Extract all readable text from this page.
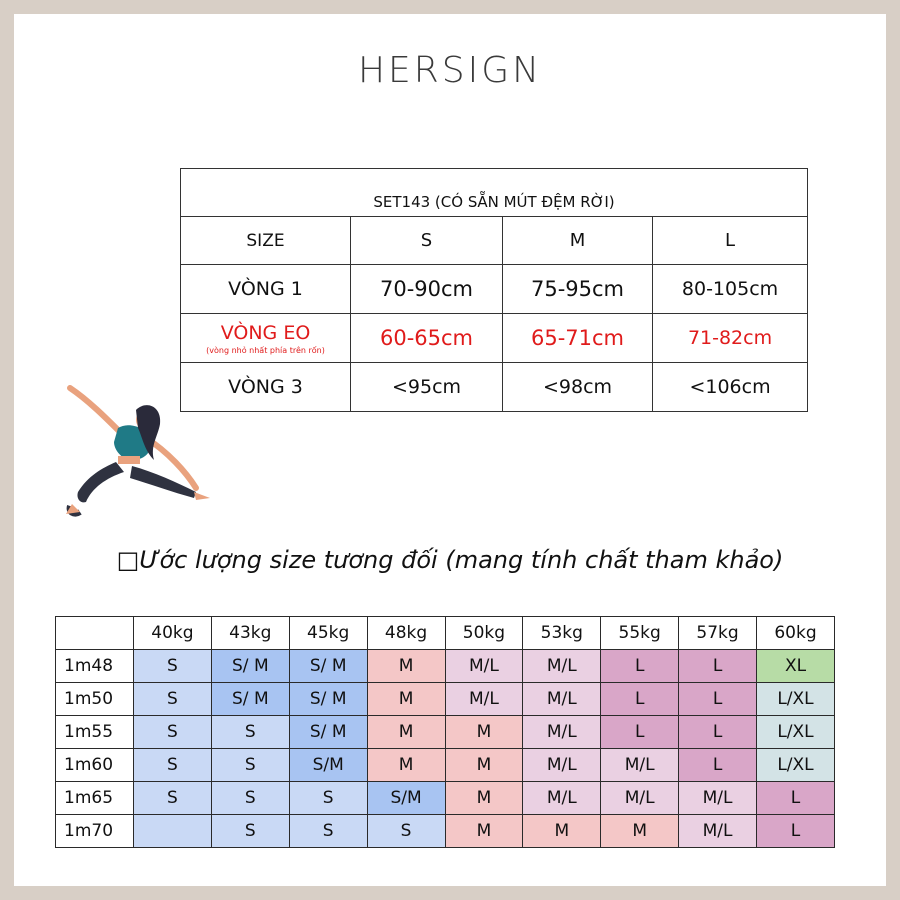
HERSIGN
SET143 (CÓ SẴN MÚT ĐỆM RỜI)			
SIZE	S	M	L
VÒNG 1	70-90cm	75-95cm	80-105cm
VÒNG EO
(vòng nhỏ nhất phía trên rốn)	60-65cm	65-71cm	71-82cm
VÒNG 3	<95cm	<98cm	<106cm
□Ước lượng size tương đối (mang tính chất tham khảo)
	40kg	43kg	45kg	48kg	50kg	53kg	55kg	57kg	60kg
1m48	S	S/ M	S/ M	M	M/L	M/L	L	L	XL
1m50	S	S/ M	S/ M	M	M/L	M/L	L	L	L/XL
1m55	S	S	S/ M	M	M	M/L	L	L	L/XL
1m60	S	S	S/M	M	M	M/L	M/L	L	L/XL
1m65	S	S	S	S/M	M	M/L	M/L	M/L	L
1m70		S	S	S	M	M	M	M/L	L
